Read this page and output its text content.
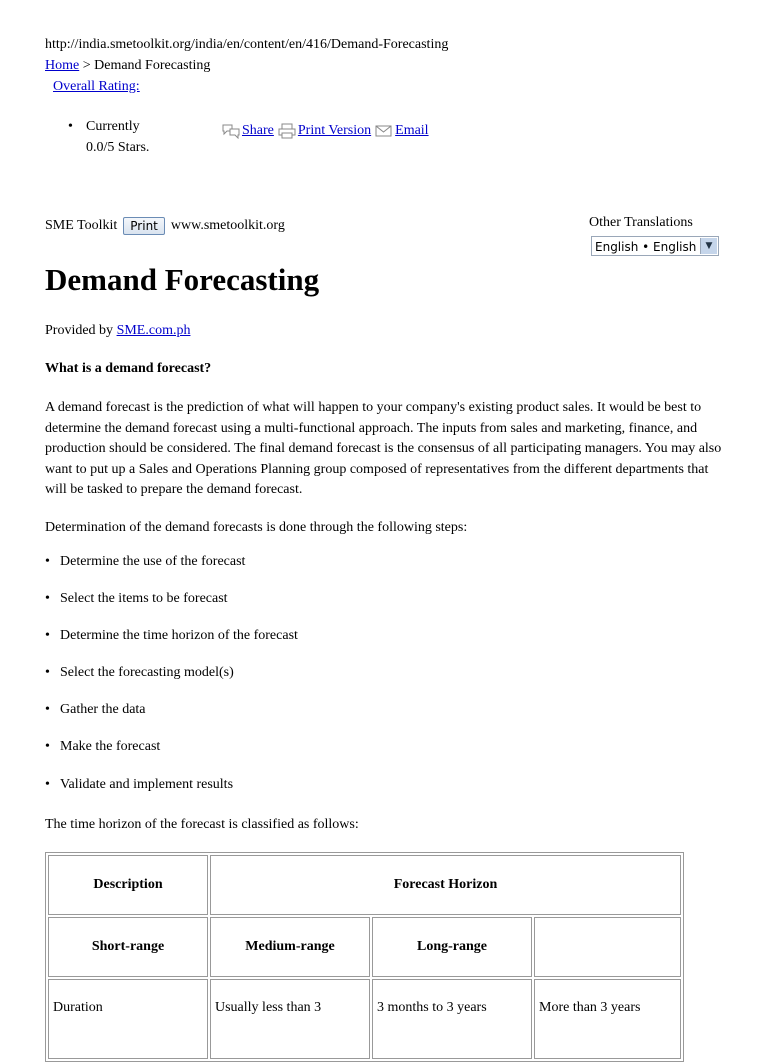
http://india.smetoolkit.org/india/en/content/en/416/Demand-Forecasting
Home > Demand Forecasting
Overall Rating:
• Currently 0.0/5 Stars.
Share Print Version Email
SME Toolkit	Print www.smetoolkit.org	Other Translations
English • English	▼
Demand Forecasting
Provided by SME.com.ph
What is a demand forecast?
A demand forecast is the prediction of what will happen to your company's existing product sales. It would be best to determine the demand forecast using a multi-functional approach. The inputs from sales and marketing, finance, and production should be considered. The final demand forecast is the consensus of all participating managers. You may also want to put up a Sales and Operations Planning group composed of representatives from the different departments that will be tasked to prepare the demand forecast.
Determination of the demand forecasts is done through the following steps:
• Determine the use of the forecast
• Select the items to be forecast
• Determine the time horizon of the forecast
• Select the forecasting model(s)
• Gather the data
• Make the forecast
• Validate and implement results
The time horizon of the forecast is classified as follows:
Description	Forecast Horizon		
Short-range	Medium-range	Long-range	
Duration	Usually less than 3	3 months to 3 years	More than 3 years
